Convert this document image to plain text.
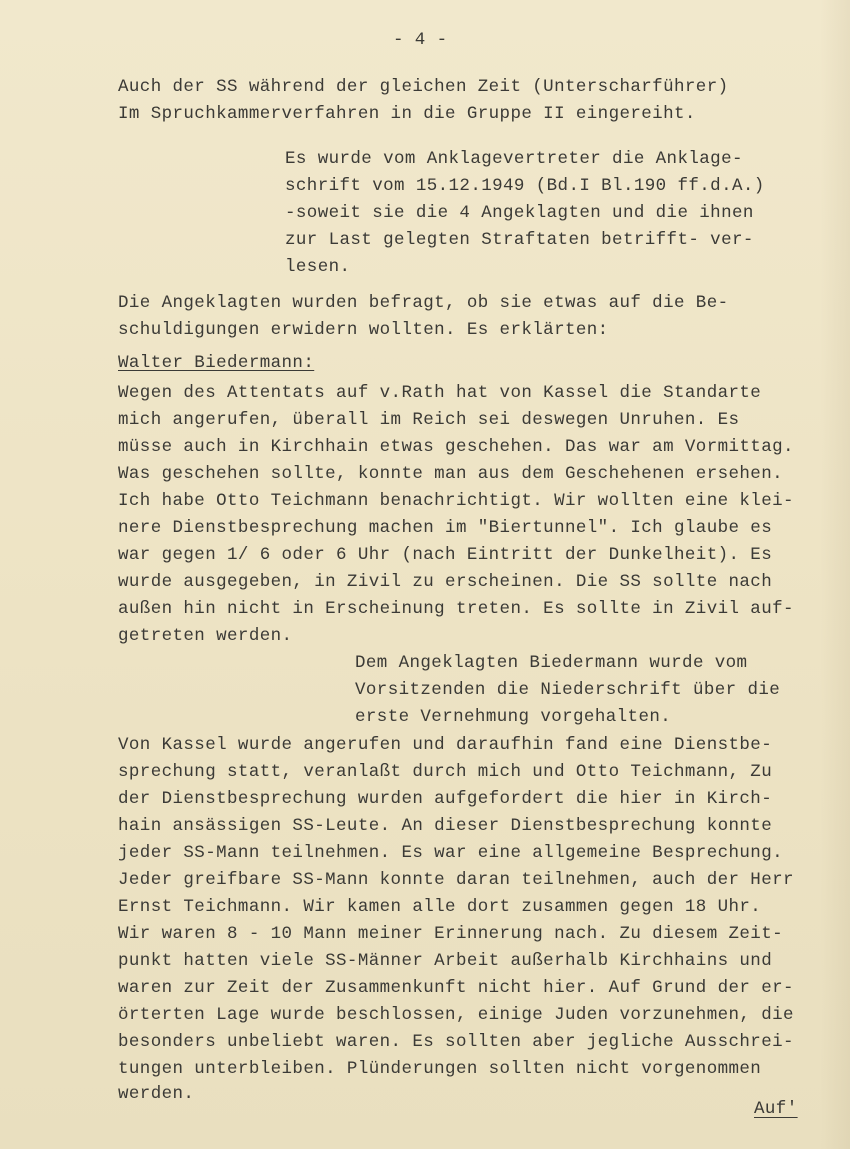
- 4 -
Auch der SS während der gleichen Zeit (Unterscharführer)
Im Spruchkammerverfahren in die Gruppe II eingereiht.
Es wurde vom Anklagevertreter die Anklage-
schrift vom 15.12.1949 (Bd.I Bl.190 ff.d.A.)
-soweit sie die 4 Angeklagten und die ihnen
zur Last gelegten Straftaten betrifft- ver-
lesen.
Die Angeklagten wurden befragt, ob sie etwas auf die Be-
schuldigungen erwidern wollten. Es erklärten:
Walter Biedermann:
Wegen des Attentats auf v.Rath hat von Kassel die Standarte
mich angerufen, überall im Reich sei deswegen Unruhen. Es
müsse auch in Kirchhain etwas geschehen. Das war am Vormittag.
Was geschehen sollte, konnte man aus dem Geschehenen ersehen.
Ich habe Otto Teichmann benachrichtigt. Wir wollten eine klei-
nere Dienstbesprechung machen im "Biertunnel". Ich glaube es
war gegen 1/ 6 oder 6 Uhr (nach Eintritt der Dunkelheit). Es
wurde ausgegeben, in Zivil zu erscheinen. Die SS sollte nach
außen hin nicht in Erscheinung treten. Es sollte in Zivil auf-
getreten werden.
Dem Angeklagten Biedermann wurde vom
Vorsitzenden die Niederschrift über die
erste Vernehmung vorgehalten.
Von Kassel wurde angerufen und daraufhin fand eine Dienstbe-
sprechung statt, veranlaßt durch mich und Otto Teichmann, Zu
der Dienstbesprechung wurden aufgefordert die hier in Kirch-
hain ansässigen SS-Leute. An dieser Dienstbesprechung konnte
jeder SS-Mann teilnehmen. Es war eine allgemeine Besprechung.
Jeder greifbare SS-Mann konnte daran teilnehmen, auch der Herr
Ernst Teichmann. Wir kamen alle dort zusammen gegen 18 Uhr.
Wir waren 8 - 10 Mann meiner Erinnerung nach. Zu diesem Zeit-
punkt hatten viele SS-Männer Arbeit außerhalb Kirchhains und
waren zur Zeit der Zusammenkunft nicht hier. Auf Grund der er-
örterten Lage wurde beschlossen, einige Juden vorzunehmen, die
besonders unbeliebt waren. Es sollten aber jegliche Ausschrei-
tungen unterbleiben. Plünderungen sollten nicht vorgenommen
werden.
Auf'
